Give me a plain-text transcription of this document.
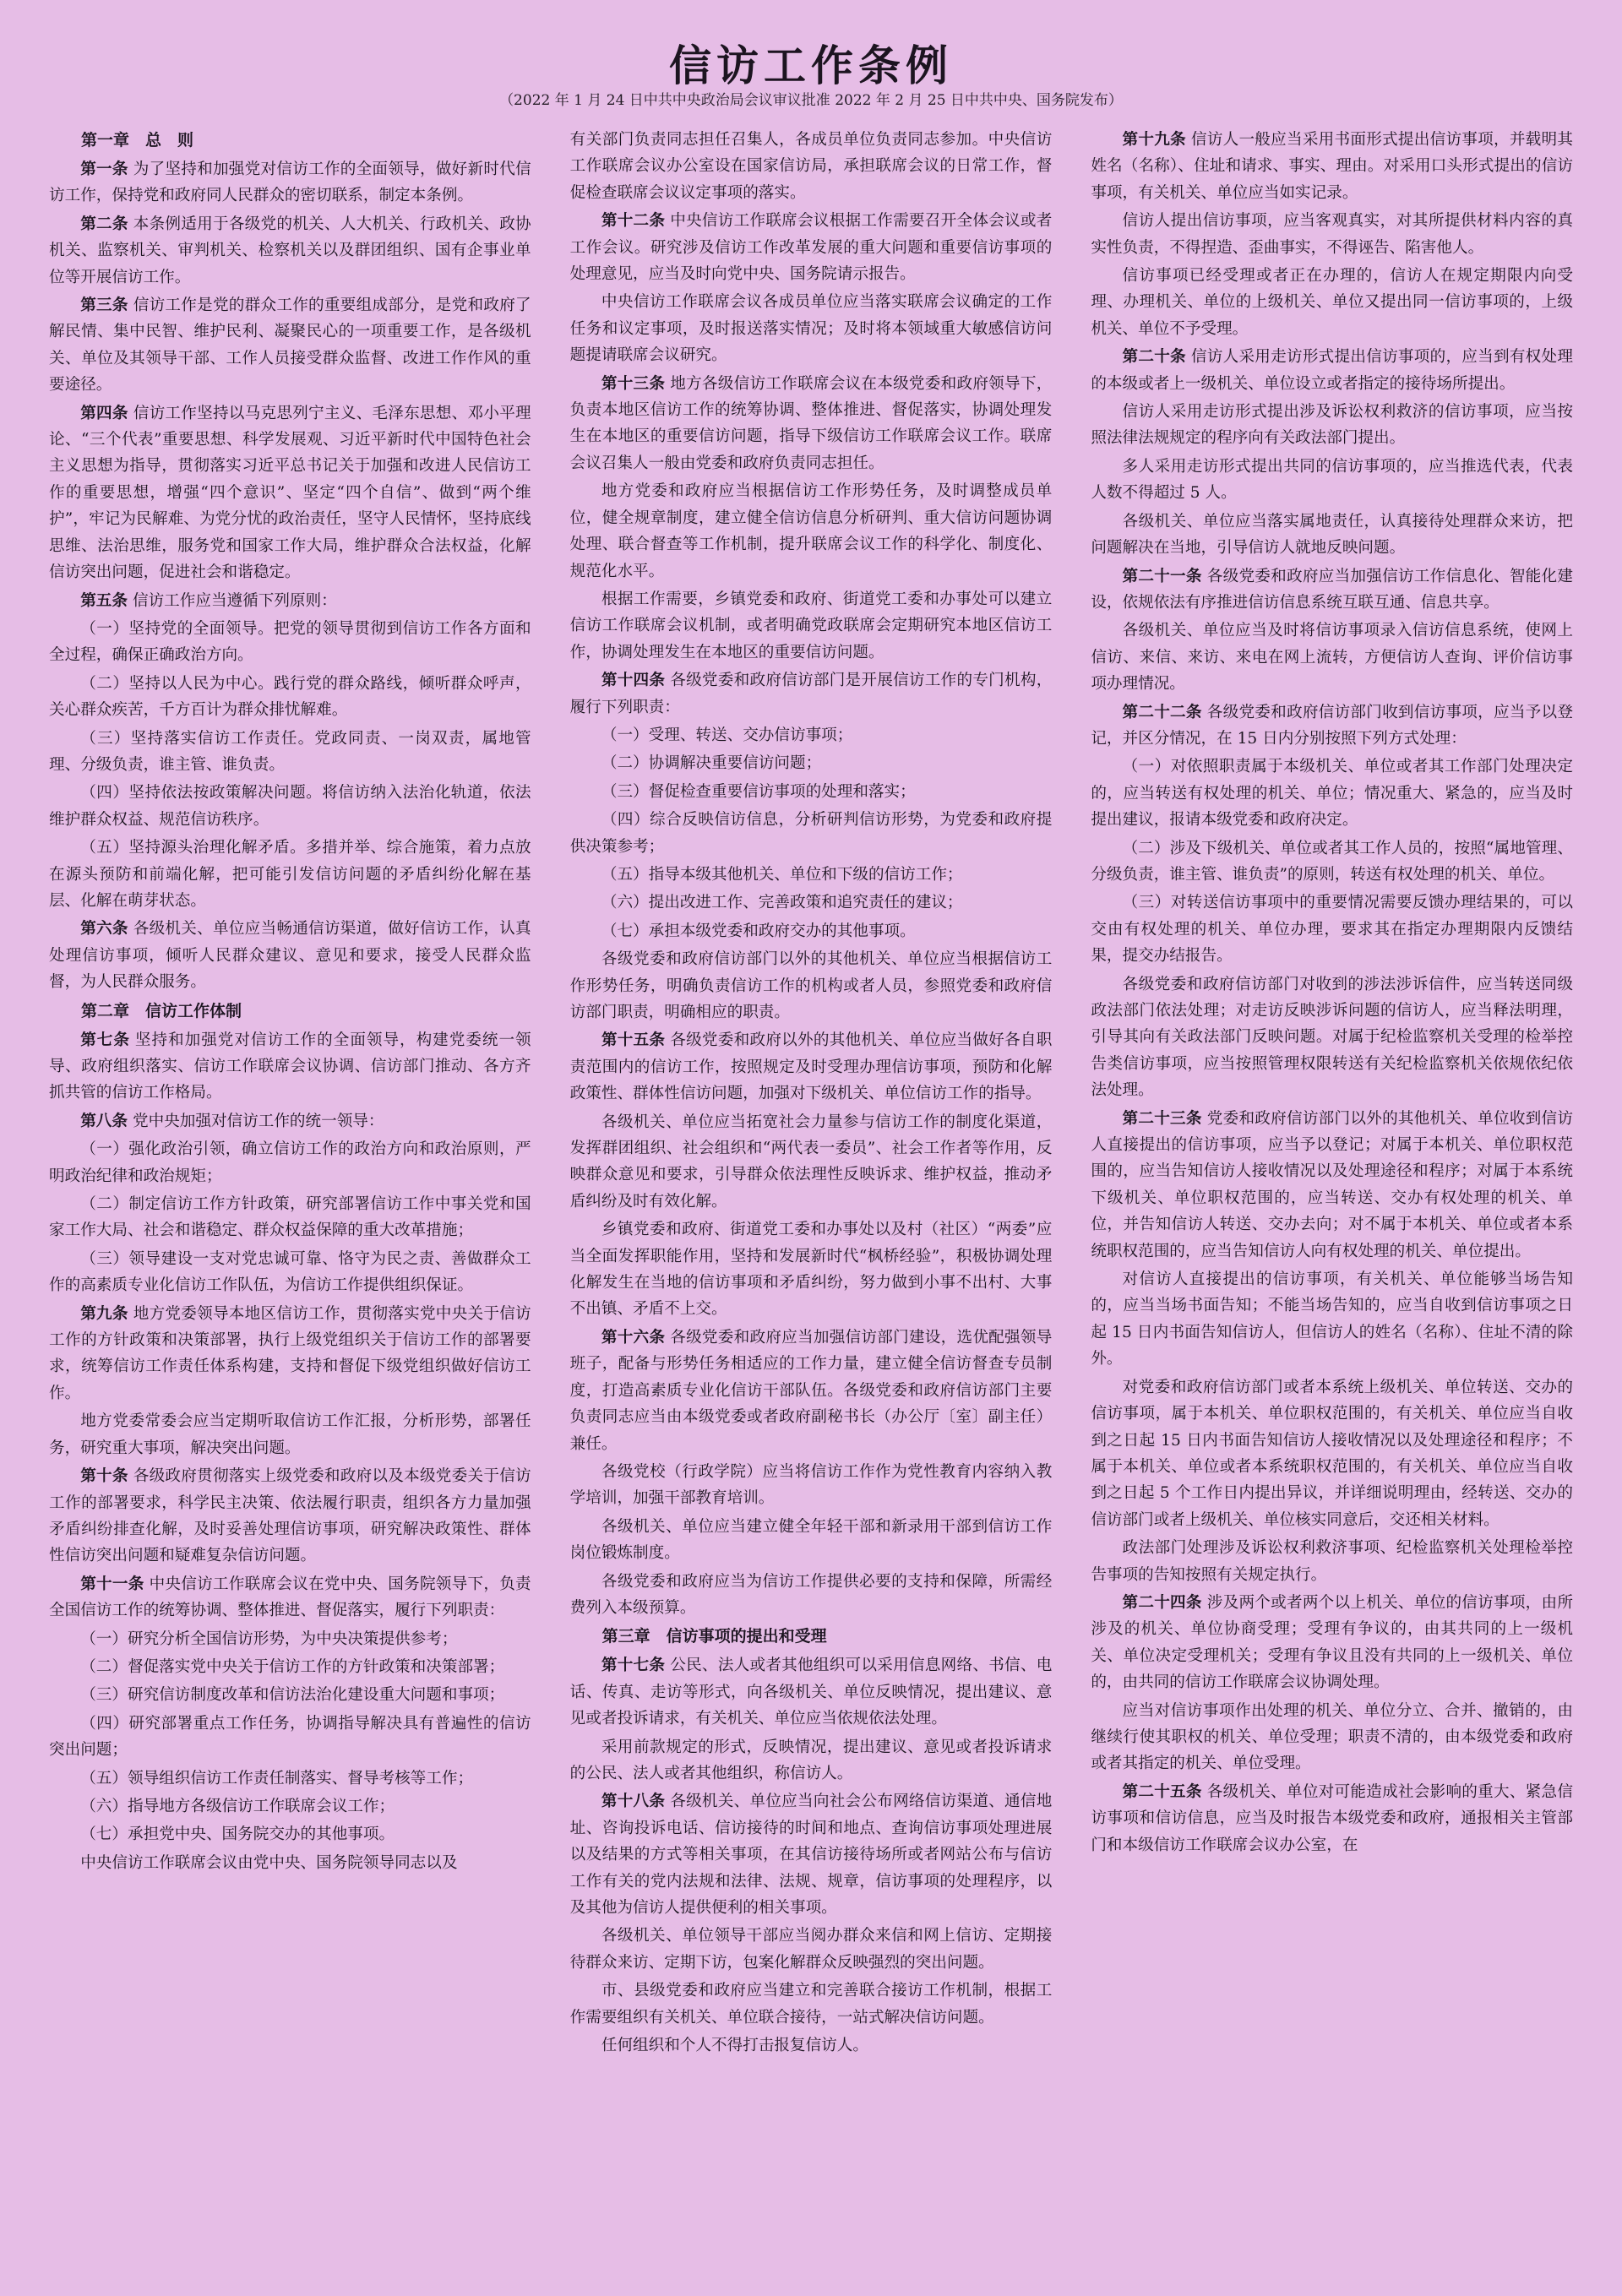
信访工作条例

（2022 年 1 月 24 日中共中央政治局会议审议批准 2022 年 2 月 25 日中共中央、国务院发布）

第一章　总　则

第一条 为了坚持和加强党对信访工作的全面领导，做好新时代信访工作，保持党和政府同人民群众的密切联系，制定本条例。

第二条 本条例适用于各级党的机关、人大机关、行政机关、政协机关、监察机关、审判机关、检察机关以及群团组织、国有企事业单位等开展信访工作。

第三条 信访工作是党的群众工作的重要组成部分，是党和政府了解民情、集中民智、维护民利、凝聚民心的一项重要工作，是各级机关、单位及其领导干部、工作人员接受群众监督、改进工作作风的重要途径。

第四条 信访工作坚持以马克思列宁主义、毛泽东思想、邓小平理论、“三个代表”重要思想、科学发展观、习近平新时代中国特色社会主义思想为指导，贯彻落实习近平总书记关于加强和改进人民信访工作的重要思想，增强“四个意识”、坚定“四个自信”、做到“两个维护”，牢记为民解难、为党分忧的政治责任，坚守人民情怀，坚持底线思维、法治思维，服务党和国家工作大局，维护群众合法权益，化解信访突出问题，促进社会和谐稳定。

第五条 信访工作应当遵循下列原则：

（一）坚持党的全面领导。把党的领导贯彻到信访工作各方面和全过程，确保正确政治方向。

（二）坚持以人民为中心。践行党的群众路线，倾听群众呼声，关心群众疾苦，千方百计为群众排忧解难。

（三）坚持落实信访工作责任。党政同责、一岗双责，属地管理、分级负责，谁主管、谁负责。

（四）坚持依法按政策解决问题。将信访纳入法治化轨道，依法维护群众权益、规范信访秩序。

（五）坚持源头治理化解矛盾。多措并举、综合施策，着力点放在源头预防和前端化解，把可能引发信访问题的矛盾纠纷化解在基层、化解在萌芽状态。

第六条 各级机关、单位应当畅通信访渠道，做好信访工作，认真处理信访事项，倾听人民群众建议、意见和要求，接受人民群众监督，为人民群众服务。

第二章　信访工作体制

第七条 坚持和加强党对信访工作的全面领导，构建党委统一领导、政府组织落实、信访工作联席会议协调、信访部门推动、各方齐抓共管的信访工作格局。

第八条 党中央加强对信访工作的统一领导：

（一）强化政治引领，确立信访工作的政治方向和政治原则，严明政治纪律和政治规矩；

（二）制定信访工作方针政策，研究部署信访工作中事关党和国家工作大局、社会和谐稳定、群众权益保障的重大改革措施；

（三）领导建设一支对党忠诚可靠、恪守为民之责、善做群众工作的高素质专业化信访工作队伍，为信访工作提供组织保证。

第九条 地方党委领导本地区信访工作，贯彻落实党中央关于信访工作的方针政策和决策部署，执行上级党组织关于信访工作的部署要求，统筹信访工作责任体系构建，支持和督促下级党组织做好信访工作。

地方党委常委会应当定期听取信访工作汇报，分析形势，部署任务，研究重大事项，解决突出问题。

第十条 各级政府贯彻落实上级党委和政府以及本级党委关于信访工作的部署要求，科学民主决策、依法履行职责，组织各方力量加强矛盾纠纷排查化解，及时妥善处理信访事项，研究解决政策性、群体性信访突出问题和疑难复杂信访问题。

第十一条 中央信访工作联席会议在党中央、国务院领导下，负责全国信访工作的统筹协调、整体推进、督促落实，履行下列职责：

（一）研究分析全国信访形势，为中央决策提供参考；

（二）督促落实党中央关于信访工作的方针政策和决策部署；

（三）研究信访制度改革和信访法治化建设重大问题和事项；

（四）研究部署重点工作任务，协调指导解决具有普遍性的信访突出问题；

（五）领导组织信访工作责任制落实、督导考核等工作；

（六）指导地方各级信访工作联席会议工作；

（七）承担党中央、国务院交办的其他事项。

中央信访工作联席会议由党中央、国务院领导同志以及

有关部门负责同志担任召集人，各成员单位负责同志参加。中央信访工作联席会议办公室设在国家信访局，承担联席会议的日常工作，督促检查联席会议议定事项的落实。

第十二条 中央信访工作联席会议根据工作需要召开全体会议或者工作会议。研究涉及信访工作改革发展的重大问题和重要信访事项的处理意见，应当及时向党中央、国务院请示报告。

中央信访工作联席会议各成员单位应当落实联席会议确定的工作任务和议定事项，及时报送落实情况；及时将本领域重大敏感信访问题提请联席会议研究。

第十三条 地方各级信访工作联席会议在本级党委和政府领导下，负责本地区信访工作的统筹协调、整体推进、督促落实，协调处理发生在本地区的重要信访问题，指导下级信访工作联席会议工作。联席会议召集人一般由党委和政府负责同志担任。

地方党委和政府应当根据信访工作形势任务，及时调整成员单位，健全规章制度，建立健全信访信息分析研判、重大信访问题协调处理、联合督查等工作机制，提升联席会议工作的科学化、制度化、规范化水平。

根据工作需要，乡镇党委和政府、街道党工委和办事处可以建立信访工作联席会议机制，或者明确党政联席会定期研究本地区信访工作，协调处理发生在本地区的重要信访问题。

第十四条 各级党委和政府信访部门是开展信访工作的专门机构，履行下列职责：

（一）受理、转送、交办信访事项；

（二）协调解决重要信访问题；

（三）督促检查重要信访事项的处理和落实；

（四）综合反映信访信息，分析研判信访形势，为党委和政府提供决策参考；

（五）指导本级其他机关、单位和下级的信访工作；

（六）提出改进工作、完善政策和追究责任的建议；

（七）承担本级党委和政府交办的其他事项。

各级党委和政府信访部门以外的其他机关、单位应当根据信访工作形势任务，明确负责信访工作的机构或者人员，参照党委和政府信访部门职责，明确相应的职责。

第十五条 各级党委和政府以外的其他机关、单位应当做好各自职责范围内的信访工作，按照规定及时受理办理信访事项，预防和化解政策性、群体性信访问题，加强对下级机关、单位信访工作的指导。

各级机关、单位应当拓宽社会力量参与信访工作的制度化渠道，发挥群团组织、社会组织和“两代表一委员”、社会工作者等作用，反映群众意见和要求，引导群众依法理性反映诉求、维护权益，推动矛盾纠纷及时有效化解。

乡镇党委和政府、街道党工委和办事处以及村（社区）“两委”应当全面发挥职能作用，坚持和发展新时代“枫桥经验”，积极协调处理化解发生在当地的信访事项和矛盾纠纷，努力做到小事不出村、大事不出镇、矛盾不上交。

第十六条 各级党委和政府应当加强信访部门建设，选优配强领导班子，配备与形势任务相适应的工作力量，建立健全信访督查专员制度，打造高素质专业化信访干部队伍。各级党委和政府信访部门主要负责同志应当由本级党委或者政府副秘书长（办公厅〔室〕副主任）兼任。

各级党校（行政学院）应当将信访工作作为党性教育内容纳入教学培训，加强干部教育培训。

各级机关、单位应当建立健全年轻干部和新录用干部到信访工作岗位锻炼制度。

各级党委和政府应当为信访工作提供必要的支持和保障，所需经费列入本级预算。

第三章　信访事项的提出和受理

第十七条 公民、法人或者其他组织可以采用信息网络、书信、电话、传真、走访等形式，向各级机关、单位反映情况，提出建议、意见或者投诉请求，有关机关、单位应当依规依法处理。

采用前款规定的形式，反映情况，提出建议、意见或者投诉请求的公民、法人或者其他组织，称信访人。

第十八条 各级机关、单位应当向社会公布网络信访渠道、通信地址、咨询投诉电话、信访接待的时间和地点、查询信访事项处理进展以及结果的方式等相关事项，在其信访接待场所或者网站公布与信访工作有关的党内法规和法律、法规、规章，信访事项的处理程序，以及其他为信访人提供便利的相关事项。

各级机关、单位领导干部应当阅办群众来信和网上信访、定期接待群众来访、定期下访，包案化解群众反映强烈的突出问题。

市、县级党委和政府应当建立和完善联合接访工作机制，根据工作需要组织有关机关、单位联合接待，一站式解决信访问题。

任何组织和个人不得打击报复信访人。

第十九条 信访人一般应当采用书面形式提出信访事项，并载明其姓名（名称）、住址和请求、事实、理由。对采用口头形式提出的信访事项，有关机关、单位应当如实记录。

信访人提出信访事项，应当客观真实，对其所提供材料内容的真实性负责，不得捏造、歪曲事实，不得诬告、陷害他人。

信访事项已经受理或者正在办理的，信访人在规定期限内向受理、办理机关、单位的上级机关、单位又提出同一信访事项的，上级机关、单位不予受理。

第二十条 信访人采用走访形式提出信访事项的，应当到有权处理的本级或者上一级机关、单位设立或者指定的接待场所提出。

信访人采用走访形式提出涉及诉讼权利救济的信访事项，应当按照法律法规规定的程序向有关政法部门提出。

多人采用走访形式提出共同的信访事项的，应当推选代表，代表人数不得超过 5 人。

各级机关、单位应当落实属地责任，认真接待处理群众来访，把问题解决在当地，引导信访人就地反映问题。

第二十一条 各级党委和政府应当加强信访工作信息化、智能化建设，依规依法有序推进信访信息系统互联互通、信息共享。

各级机关、单位应当及时将信访事项录入信访信息系统，使网上信访、来信、来访、来电在网上流转，方便信访人查询、评价信访事项办理情况。

第二十二条 各级党委和政府信访部门收到信访事项，应当予以登记，并区分情况，在 15 日内分别按照下列方式处理：

（一）对依照职责属于本级机关、单位或者其工作部门处理决定的，应当转送有权处理的机关、单位；情况重大、紧急的，应当及时提出建议，报请本级党委和政府决定。

（二）涉及下级机关、单位或者其工作人员的，按照“属地管理、分级负责，谁主管、谁负责”的原则，转送有权处理的机关、单位。

（三）对转送信访事项中的重要情况需要反馈办理结果的，可以交由有权处理的机关、单位办理，要求其在指定办理期限内反馈结果，提交办结报告。

各级党委和政府信访部门对收到的涉法涉诉信件，应当转送同级政法部门依法处理；对走访反映涉诉问题的信访人，应当释法明理，引导其向有关政法部门反映问题。对属于纪检监察机关受理的检举控告类信访事项，应当按照管理权限转送有关纪检监察机关依规依纪依法处理。

第二十三条 党委和政府信访部门以外的其他机关、单位收到信访人直接提出的信访事项，应当予以登记；对属于本机关、单位职权范围的，应当告知信访人接收情况以及处理途径和程序；对属于本系统下级机关、单位职权范围的，应当转送、交办有权处理的机关、单位，并告知信访人转送、交办去向；对不属于本机关、单位或者本系统职权范围的，应当告知信访人向有权处理的机关、单位提出。

对信访人直接提出的信访事项，有关机关、单位能够当场告知的，应当当场书面告知；不能当场告知的，应当自收到信访事项之日起 15 日内书面告知信访人，但信访人的姓名（名称）、住址不清的除外。

对党委和政府信访部门或者本系统上级机关、单位转送、交办的信访事项，属于本机关、单位职权范围的，有关机关、单位应当自收到之日起 15 日内书面告知信访人接收情况以及处理途径和程序；不属于本机关、单位或者本系统职权范围的，有关机关、单位应当自收到之日起 5 个工作日内提出异议，并详细说明理由，经转送、交办的信访部门或者上级机关、单位核实同意后，交还相关材料。

政法部门处理涉及诉讼权利救济事项、纪检监察机关处理检举控告事项的告知按照有关规定执行。

第二十四条 涉及两个或者两个以上机关、单位的信访事项，由所涉及的机关、单位协商受理；受理有争议的，由其共同的上一级机关、单位决定受理机关；受理有争议且没有共同的上一级机关、单位的，由共同的信访工作联席会议协调处理。

应当对信访事项作出处理的机关、单位分立、合并、撤销的，由继续行使其职权的机关、单位受理；职责不清的，由本级党委和政府或者其指定的机关、单位受理。

第二十五条 各级机关、单位对可能造成社会影响的重大、紧急信访事项和信访信息，应当及时报告本级党委和政府，通报相关主管部门和本级信访工作联席会议办公室，在
